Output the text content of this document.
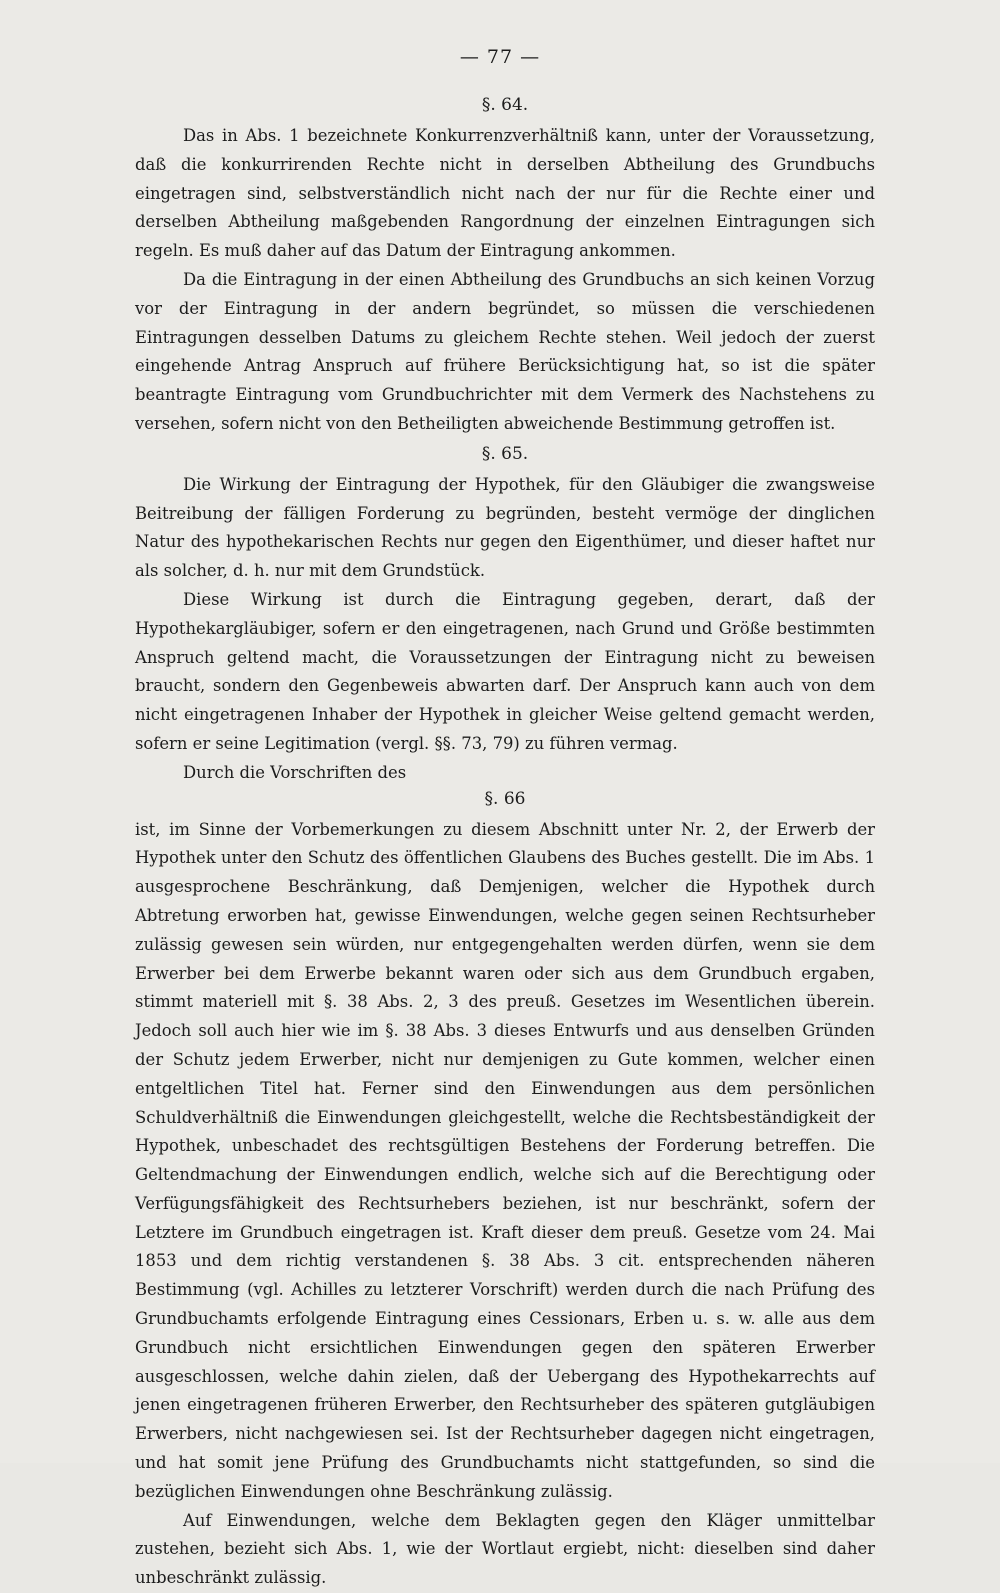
— 77 —
§. 64.

Das in Abs. 1 bezeichnete Konkurrenzverhältniß kann, unter der Voraussetzung, daß die konkurrirenden Rechte nicht in derselben Abtheilung des Grundbuchs eingetragen sind, selbstverständlich nicht nach der nur für die Rechte einer und derselben Abtheilung maßgebenden Rangordnung der einzelnen Eintragungen sich regeln. Es muß daher auf das Datum der Eintragung ankommen.

Da die Eintragung in der einen Abtheilung des Grundbuchs an sich keinen Vorzug vor der Eintragung in der andern begründet, so müssen die verschiedenen Eintragungen desselben Datums zu gleichem Rechte stehen. Weil jedoch der zuerst eingehende Antrag Anspruch auf frühere Berücksichtigung hat, so ist die später beantragte Eintragung vom Grundbuchrichter mit dem Vermerk des Nachstehens zu versehen, sofern nicht von den Betheiligten abweichende Bestimmung getroffen ist.

§. 65.

Die Wirkung der Eintragung der Hypothek, für den Gläubiger die zwangsweise Beitreibung der fälligen Forderung zu begründen, besteht vermöge der dinglichen Natur des hypothekarischen Rechts nur gegen den Eigenthümer, und dieser haftet nur als solcher, d. h. nur mit dem Grundstück.

Diese Wirkung ist durch die Eintragung gegeben, derart, daß der Hypothekargläubiger, sofern er den eingetragenen, nach Grund und Größe bestimmten Anspruch geltend macht, die Voraussetzungen der Eintragung nicht zu beweisen braucht, sondern den Gegenbeweis abwarten darf. Der Anspruch kann auch von dem nicht eingetragenen Inhaber der Hypothek in gleicher Weise geltend gemacht werden, sofern er seine Legitimation (vergl. §§. 73, 79) zu führen vermag.

Durch die Vorschriften des

§. 66

ist, im Sinne der Vorbemerkungen zu diesem Abschnitt unter Nr. 2, der Erwerb der Hypothek unter den Schutz des öffentlichen Glaubens des Buches gestellt. Die im Abs. 1 ausgesprochene Beschränkung, daß Demjenigen, welcher die Hypothek durch Abtretung erworben hat, gewisse Einwendungen, welche gegen seinen Rechtsurheber zulässig gewesen sein würden, nur entgegengehalten werden dürfen, wenn sie dem Erwerber bei dem Erwerbe bekannt waren oder sich aus dem Grundbuch ergaben, stimmt materiell mit §. 38 Abs. 2, 3 des preuß. Gesetzes im Wesentlichen überein. Jedoch soll auch hier wie im §. 38 Abs. 3 dieses Entwurfs und aus denselben Gründen der Schutz jedem Erwerber, nicht nur demjenigen zu Gute kommen, welcher einen entgeltlichen Titel hat. Ferner sind den Einwendungen aus dem persönlichen Schuldverhältniß die Einwendungen gleichgestellt, welche die Rechtsbeständigkeit der Hypothek, unbeschadet des rechtsgültigen Bestehens der Forderung betreffen. Die Geltendmachung der Einwendungen endlich, welche sich auf die Berechtigung oder Verfügungsfähigkeit des Rechtsurhebers beziehen, ist nur beschränkt, sofern der Letztere im Grundbuch eingetragen ist. Kraft dieser dem preuß. Gesetze vom 24. Mai 1853 und dem richtig verstandenen §. 38 Abs. 3 cit. entsprechenden näheren Bestimmung (vgl. Achilles zu letzterer Vorschrift) werden durch die nach Prüfung des Grundbuchamts erfolgende Eintragung eines Cessionars, Erben u. s. w. alle aus dem Grundbuch nicht ersichtlichen Einwendungen gegen den späteren Erwerber ausgeschlossen, welche dahin zielen, daß der Uebergang des Hypothekarrechts auf jenen eingetragenen früheren Erwerber, den Rechtsurheber des späteren gutgläubigen Erwerbers, nicht nachgewiesen sei. Ist der Rechtsurheber dagegen nicht eingetragen, und hat somit jene Prüfung des Grundbuchamts nicht stattgefunden, so sind die bezüglichen Einwendungen ohne Beschränkung zulässig.

Auf Einwendungen, welche dem Beklagten gegen den Kläger unmittelbar zustehen, bezieht sich Abs. 1, wie der Wortlaut ergiebt, nicht: dieselben sind daher unbeschränkt zulässig.
